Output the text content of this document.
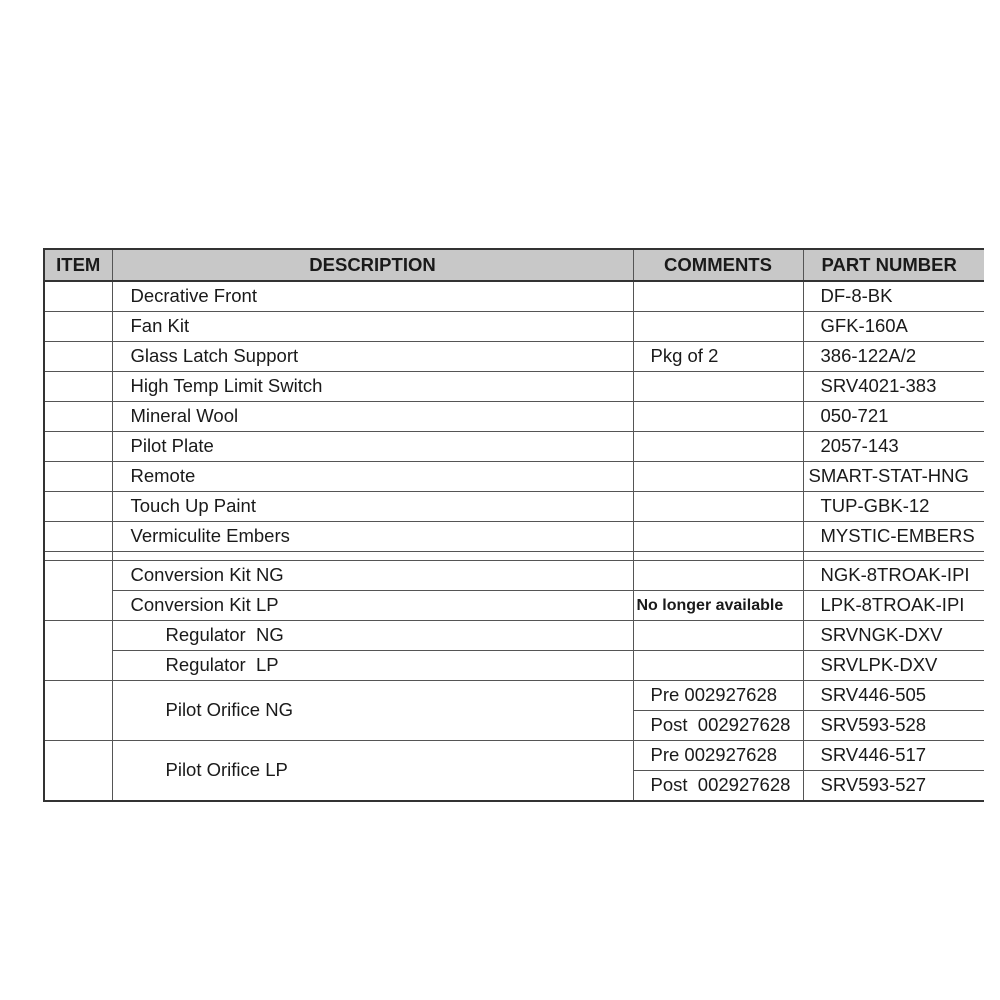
ITEM	DESCRIPTION	COMMENTS	PART NUMBER
	Decrative Front		DF-8-BK
	Fan Kit		GFK-160A
	Glass Latch Support	Pkg of 2	386-122A/2
	High Temp Limit Switch		SRV4021-383
	Mineral Wool		050-721
	Pilot Plate		2057-143
	Remote		SMART-STAT-HNG
	Touch Up Paint		TUP-GBK-12
	Vermiculite Embers		MYSTIC-EMBERS

	Conversion Kit NG		NGK-8TROAK-IPI
	Conversion Kit LP	No longer available	LPK-8TROAK-IPI
	Regulator  NG		SRVNGK-DXV
	Regulator  LP		SRVLPK-DXV
	Pilot Orifice NG	Pre 002927628	SRV446-505
		Post  002927628	SRV593-528
	Pilot Orifice LP	Pre 002927628	SRV446-517
		Post  002927628	SRV593-527
